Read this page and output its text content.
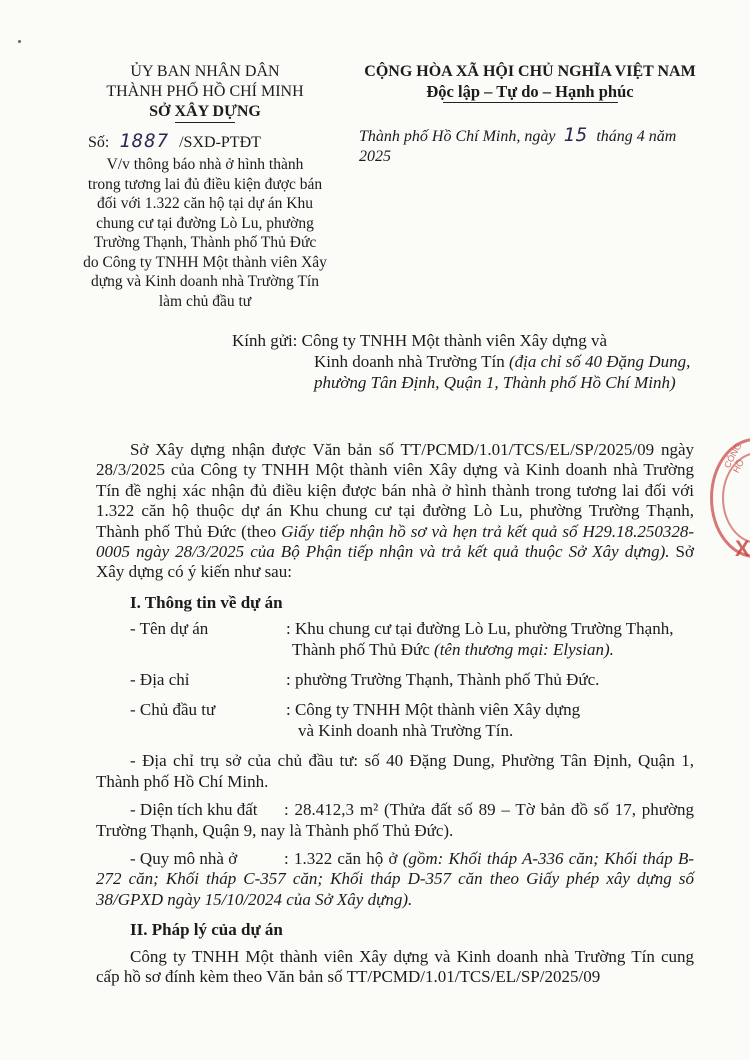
ỦY BAN NHÂN DÂN
THÀNH PHỐ HỒ CHÍ MINH
SỞ XÂY DỰNG
Số: 1887 /SXD-PTĐT
V/v thông báo nhà ở hình thành
trong tương lai đủ điều kiện được bán
đối với 1.322 căn hộ tại dự án Khu
chung cư tại đường Lò Lu, phường
Trường Thạnh, Thành phố Thủ Đức
do Công ty TNHH Một thành viên Xây
dựng và Kinh doanh nhà Trường Tín
làm chủ đầu tư
CỘNG HÒA XÃ HỘI CHỦ NGHĨA VIỆT NAM
Độc lập – Tự do – Hạnh phúc
Thành phố Hồ Chí Minh, ngày 15 tháng 4 năm 2025
Kính gửi: Công ty TNHH Một thành viên Xây dựng và
Kinh doanh nhà Trường Tín (địa chỉ số 40 Đặng Dung,
phường Tân Định, Quận 1, Thành phố Hồ Chí Minh)

Sở Xây dựng nhận được Văn bản số TT/PCMD/1.01/TCS/EL/SP/2025/09 ngày 28/3/2025 của Công ty TNHH Một thành viên Xây dựng và Kinh doanh nhà Trường Tín đề nghị xác nhận đủ điều kiện được bán nhà ở hình thành trong tương lai đối với 1.322 căn hộ thuộc dự án Khu chung cư tại đường Lò Lu, phường Trường Thạnh, Thành phố Thủ Đức (theo Giấy tiếp nhận hồ sơ và hẹn trả kết quả số H29.18.250328-0005 ngày 28/3/2025 của Bộ Phận tiếp nhận và trả kết quả thuộc Sở Xây dựng). Sở Xây dựng có ý kiến như sau:

I. Thông tin về dự án
- Tên dự án	: Khu chung cư tại đường Lò Lu, phường Trường Thạnh,
Thành phố Thủ Đức (tên thương mại: Elysian).
- Địa chỉ	: phường Trường Thạnh, Thành phố Thủ Đức.
- Chủ đầu tư	: Công ty TNHH Một thành viên Xây dựng
và Kinh doanh nhà Trường Tín.

- Địa chỉ trụ sở của chủ đầu tư: số 40 Đặng Dung, Phường Tân Định, Quận 1, Thành phố Hồ Chí Minh.

- Diện tích khu đất : 28.412,3 m² (Thửa đất số 89 – Tờ bản đồ số 17, phường Trường Thạnh, Quận 9, nay là Thành phố Thủ Đức).

- Quy mô nhà ở	: 1.322 căn hộ ở (gồm: Khối tháp A-336 căn; Khối tháp B-272 căn; Khối tháp C-357 căn; Khối tháp D-357 căn theo Giấy phép xây dựng số 38/GPXD ngày 15/10/2024 của Sở Xây dựng).

II. Pháp lý của dự án

Công ty TNHH Một thành viên Xây dựng và Kinh doanh nhà Trường Tín cung cấp hồ sơ đính kèm theo Văn bản số TT/PCMD/1.01/TCS/EL/SP/2025/09

CÔNG HỒ
X
